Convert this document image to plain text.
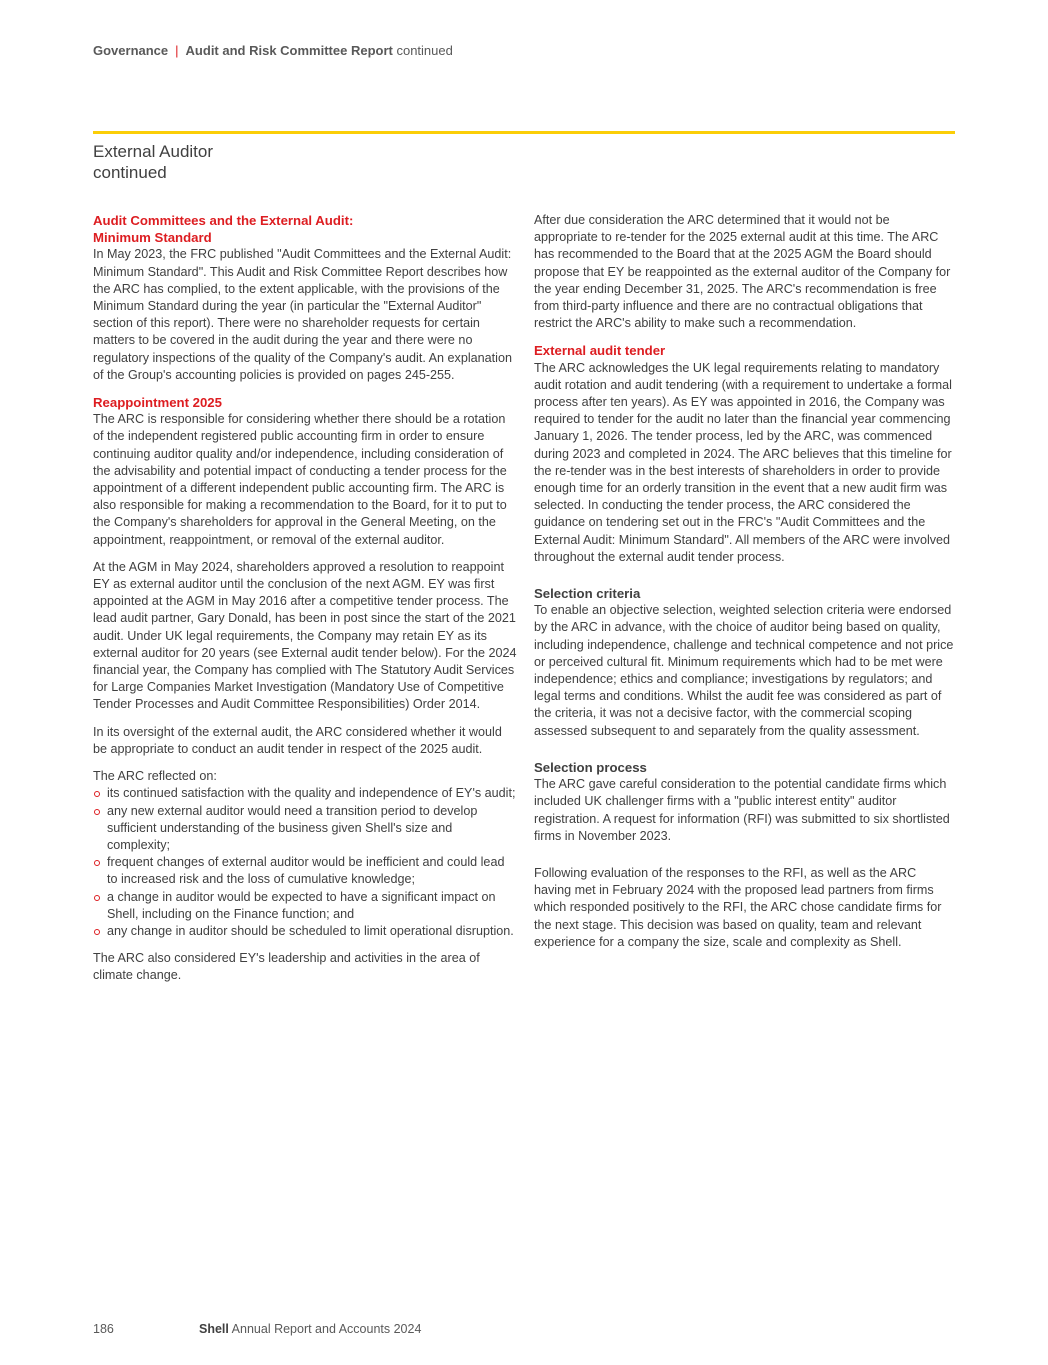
Governance | Audit and Risk Committee Report continued
External Auditor
continued
Audit Committees and the External Audit:
Minimum Standard

In May 2023, the FRC published "Audit Committees and the External Audit: Minimum Standard". This Audit and Risk Committee Report describes how the ARC has complied, to the extent applicable, with the provisions of the Minimum Standard during the year (in particular the "External Auditor" section of this report). There were no shareholder requests for certain matters to be covered in the audit during the year and there were no regulatory inspections of the quality of the Company's audit. An explanation of the Group's accounting policies is provided on pages 245-255.

Reappointment 2025

The ARC is responsible for considering whether there should be a rotation of the independent registered public accounting firm in order to ensure continuing auditor quality and/or independence, including consideration of the advisability and potential impact of conducting a tender process for the appointment of a different independent public accounting firm. The ARC is also responsible for making a recommendation to the Board, for it to put to the Company's shareholders for approval in the General Meeting, on the appointment, reappointment, or removal of the external auditor.

At the AGM in May 2024, shareholders approved a resolution to reappoint EY as external auditor until the conclusion of the next AGM. EY was first appointed at the AGM in May 2016 after a competitive tender process. The lead audit partner, Gary Donald, has been in post since the start of the 2021 audit. Under UK legal requirements, the Company may retain EY as its external auditor for 20 years (see External audit tender below). For the 2024 financial year, the Company has complied with The Statutory Audit Services for Large Companies Market Investigation (Mandatory Use of Competitive Tender Processes and Audit Committee Responsibilities) Order 2014.

In its oversight of the external audit, the ARC considered whether it would be appropriate to conduct an audit tender in respect of the 2025 audit.

The ARC reflected on:

its continued satisfaction with the quality and independence of EY's audit;
any new external auditor would need a transition period to develop sufficient understanding of the business given Shell's size and complexity;
frequent changes of external auditor would be inefficient and could lead to increased risk and the loss of cumulative knowledge;
a change in auditor would be expected to have a significant impact on Shell, including on the Finance function; and
any change in auditor should be scheduled to limit operational disruption.

The ARC also considered EY's leadership and activities in the area of climate change.

After due consideration the ARC determined that it would not be appropriate to re-tender for the 2025 external audit at this time. The ARC has recommended to the Board that at the 2025 AGM the Board should propose that EY be reappointed as the external auditor of the Company for the year ending December 31, 2025. The ARC's recommendation is free from third-party influence and there are no contractual obligations that restrict the ARC's ability to make such a recommendation.

External audit tender

The ARC acknowledges the UK legal requirements relating to mandatory audit rotation and audit tendering (with a requirement to undertake a formal process after ten years). As EY was appointed in 2016, the Company was required to tender for the audit no later than the financial year commencing January 1, 2026. The tender process, led by the ARC, was commenced during 2023 and completed in 2024. The ARC believes that this timeline for the re-tender was in the best interests of shareholders in order to provide enough time for an orderly transition in the event that a new audit firm was selected. In conducting the tender process, the ARC considered the guidance on tendering set out in the FRC's "Audit Committees and the External Audit: Minimum Standard". All members of the ARC were involved throughout the external audit tender process.

Selection criteria

To enable an objective selection, weighted selection criteria were endorsed by the ARC in advance, with the choice of auditor being based on quality, including independence, challenge and technical competence and not price or perceived cultural fit. Minimum requirements which had to be met were independence; ethics and compliance; investigations by regulators; and legal terms and conditions. Whilst the audit fee was considered as part of the criteria, it was not a decisive factor, with the commercial scoping assessed subsequent to and separately from the quality assessment.

Selection process

The ARC gave careful consideration to the potential candidate firms which included UK challenger firms with a "public interest entity" auditor registration. A request for information (RFI) was submitted to six shortlisted firms in November 2023.

Following evaluation of the responses to the RFI, as well as the ARC having met in February 2024 with the proposed lead partners from firms which responded positively to the RFI, the ARC chose candidate firms for the next stage. This decision was based on quality, team and relevant experience for a company the size, scale and complexity as Shell.

186	Shell Annual Report and Accounts 2024
